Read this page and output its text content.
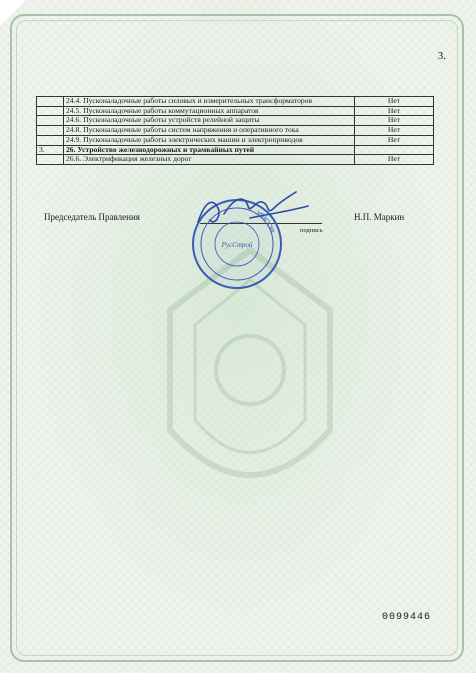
3.
	24.4. Пусконаладочные работы силовых и измерительных трансформаторов	Нет
	24.5. Пусконаладочные работы коммутационных аппаратов	Нет
	24.6. Пусконаладочные работы устройств релейной защиты	Нет
	24.8. Пусконаладочные работы систем напряжения и оперативного тока	Нет
	24.9. Пусконаладочные работы электрических машин и электроприводов	Нет
3.	26. Устройство железнодорожных и трамвайных путей	
	26.6. Электрификация железных дорог	Нет
Председатель Правления
подпись
Н.П. Маркин
МОСКВА
РусСтрой
0099446
